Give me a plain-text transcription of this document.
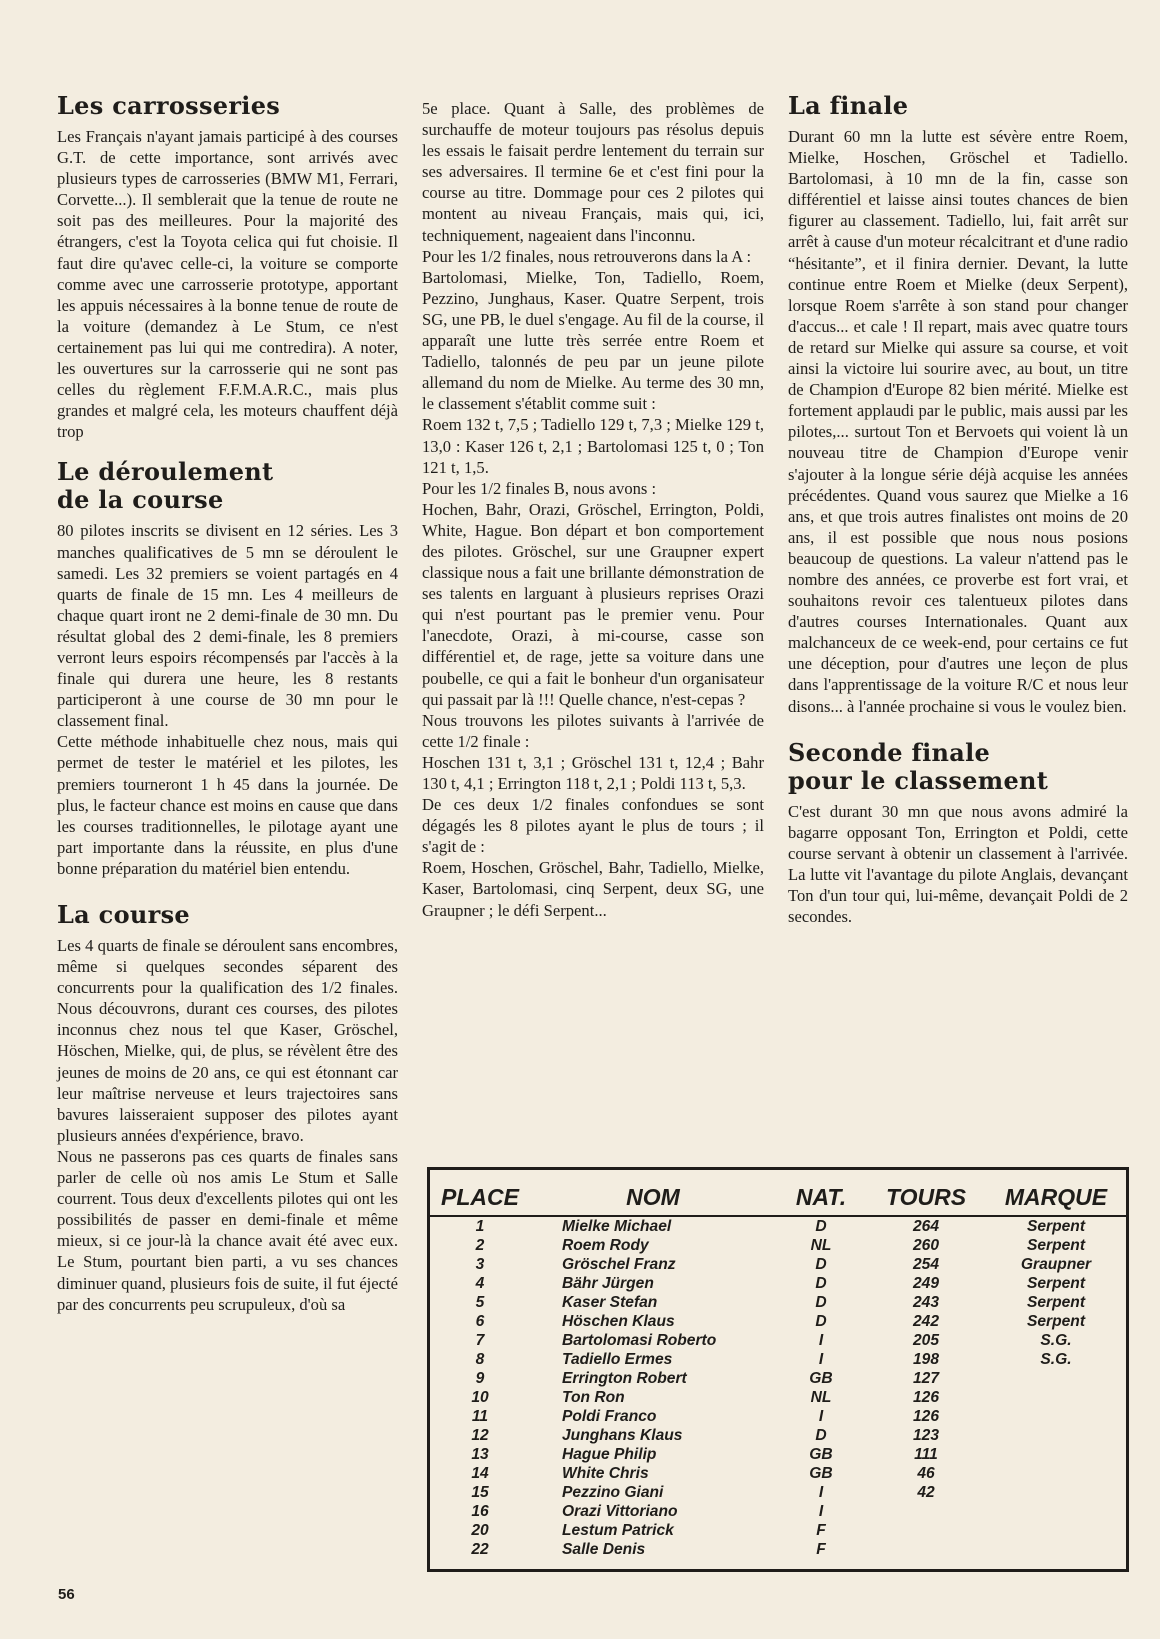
Les carrosseries

Les Français n'ayant jamais participé à des courses G.T. de cette importance, sont arrivés avec plusieurs types de carrosseries (BMW M1, Ferrari, Corvette...). Il semblerait que la tenue de route ne soit pas des meilleures. Pour la majorité des étrangers, c'est la Toyota celica qui fut choisie. Il faut dire qu'avec celle-ci, la voiture se comporte comme avec une carrosserie prototype, apportant les appuis nécessaires à la bonne tenue de route de la voiture (demandez à Le Stum, ce n'est certainement pas lui qui me contredira). A noter, les ouvertures sur la carrosserie qui ne sont pas celles du règlement F.F.M.A.R.C., mais plus grandes et malgré cela, les moteurs chauffent déjà trop

Le déroulement
de la course

80 pilotes inscrits se divisent en 12 séries. Les 3 manches qualificatives de 5 mn se déroulent le samedi. Les 32 premiers se voient partagés en 4 quarts de finale de 15 mn. Les 4 meilleurs de chaque quart iront ne 2 demi-finale de 30 mn. Du résultat global des 2 demi-finale, les 8 premiers verront leurs espoirs récompensés par l'accès à la finale qui durera une heure, les 8 restants participeront à une course de 30 mn pour le classement final.

Cette méthode inhabituelle chez nous, mais qui permet de tester le matériel et les pilotes, les premiers tourneront 1 h 45 dans la journée. De plus, le facteur chance est moins en cause que dans les courses traditionnelles, le pilotage ayant une part importante dans la réussite, en plus d'une bonne préparation du matériel bien entendu.

La course

Les 4 quarts de finale se déroulent sans encombres, même si quelques secondes séparent des concurrents pour la qualification des 1/2 finales. Nous découvrons, durant ces courses, des pilotes inconnus chez nous tel que Kaser, Gröschel, Höschen, Mielke, qui, de plus, se révèlent être des jeunes de moins de 20 ans, ce qui est étonnant car leur maîtrise nerveuse et leurs trajectoires sans bavures laisseraient supposer des pilotes ayant plusieurs années d'expérience, bravo.

Nous ne passerons pas ces quarts de finales sans parler de celle où nos amis Le Stum et Salle courrent. Tous deux d'excellents pilotes qui ont les possibilités de passer en demi-finale et même mieux, si ce jour-là la chance avait été avec eux. Le Stum, pourtant bien parti, a vu ses chances diminuer quand, plusieurs fois de suite, il fut éjecté par des concurrents peu scrupuleux, d'où sa

5e place. Quant à Salle, des problèmes de surchauffe de moteur toujours pas résolus depuis les essais le faisait perdre lentement du terrain sur ses adversaires. Il termine 6e et c'est fini pour la course au titre. Dommage pour ces 2 pilotes qui montent au niveau Français, mais qui, ici, techniquement, nageaient dans l'inconnu.

Pour les 1/2 finales, nous retrouverons dans la A :

Bartolomasi, Mielke, Ton, Tadiello, Roem, Pezzino, Junghaus, Kaser. Quatre Serpent, trois SG, une PB, le duel s'engage. Au fil de la course, il apparaît une lutte très serrée entre Roem et Tadiello, talonnés de peu par un jeune pilote allemand du nom de Mielke. Au terme des 30 mn, le classement s'établit comme suit :

Roem 132 t, 7,5 ; Tadiello 129 t, 7,3 ; Mielke 129 t, 13,0 : Kaser 126 t, 2,1 ; Bartolomasi 125 t, 0 ; Ton 121 t, 1,5.

Pour les 1/2 finales B, nous avons :

Hochen, Bahr, Orazi, Gröschel, Errington, Poldi, White, Hague. Bon départ et bon comportement des pilotes. Gröschel, sur une Graupner expert classique nous a fait une brillante démonstration de ses talents en larguant à plusieurs reprises Orazi qui n'est pourtant pas le premier venu. Pour l'anecdote, Orazi, à mi-course, casse son différentiel et, de rage, jette sa voiture dans une poubelle, ce qui a fait le bonheur d'un organisateur qui passait par là !!! Quelle chance, n'est-cepas ?

Nous trouvons les pilotes suivants à l'arrivée de cette 1/2 finale :

Hoschen 131 t, 3,1 ; Gröschel 131 t, 12,4 ; Bahr 130 t, 4,1 ; Errington 118 t, 2,1 ; Poldi 113 t, 5,3.

De ces deux 1/2 finales confondues se sont dégagés les 8 pilotes ayant le plus de tours ; il s'agit de :

Roem, Hoschen, Gröschel, Bahr, Tadiello, Mielke, Kaser, Bartolomasi, cinq Serpent, deux SG, une Graupner ; le défi Serpent...

La finale

Durant 60 mn la lutte est sévère entre Roem, Mielke, Hoschen, Gröschel et Tadiello. Bartolomasi, à 10 mn de la fin, casse son différentiel et laisse ainsi toutes chances de bien figurer au classement. Tadiello, lui, fait arrêt sur arrêt à cause d'un moteur récalcitrant et d'une radio “hésitante”, et il finira dernier. Devant, la lutte continue entre Roem et Mielke (deux Serpent), lorsque Roem s'arrête à son stand pour changer d'accus... et cale ! Il repart, mais avec quatre tours de retard sur Mielke qui assure sa course, et voit ainsi la victoire lui sourire avec, au bout, un titre de Champion d'Europe 82 bien mérité. Mielke est fortement applaudi par le public, mais aussi par les pilotes,... surtout Ton et Bervoets qui voient là un nouveau titre de Champion d'Europe venir s'ajouter à la longue série déjà acquise les années précédentes. Quand vous saurez que Mielke a 16 ans, et que trois autres finalistes ont moins de 20 ans, il est possible que nous nous posions beaucoup de questions. La valeur n'attend pas le nombre des années, ce proverbe est fort vrai, et souhaitons revoir ces talentueux pilotes dans d'autres courses Internationales. Quant aux malchanceux de ce week-end, pour certains ce fut une déception, pour d'autres une leçon de plus dans l'apprentissage de la voiture R/C et nous leur disons... à l'année prochaine si vous le voulez bien.

Seconde finale
pour le classement

C'est durant 30 mn que nous avons admiré la bagarre opposant Ton, Errington et Poldi, cette course servant à obtenir un classement à l'arrivée. La lutte vit l'avantage du pilote Anglais, devançant Ton d'un tour qui, lui-même, devançait Poldi de 2 secondes.

PLACE	NOM	NAT.	TOURS	MARQUE
1	Mielke Michael	D	264	Serpent
2	Roem Rody	NL	260	Serpent
3	Gröschel Franz	D	254	Graupner
4	Bähr Jürgen	D	249	Serpent
5	Kaser Stefan	D	243	Serpent
6	Höschen Klaus	D	242	Serpent
7	Bartolomasi Roberto	I	205	S.G.
8	Tadiello Ermes	I	198	S.G.
9	Errington Robert	GB	127	
10	Ton Ron	NL	126	
11	Poldi Franco	I	126	
12	Junghans Klaus	D	123	
13	Hague Philip	GB	111	
14	White Chris	GB	46	
15	Pezzino Giani	I	42	
16	Orazi Vittoriano	I		
20	Lestum Patrick	F		
22	Salle Denis	F		
56
